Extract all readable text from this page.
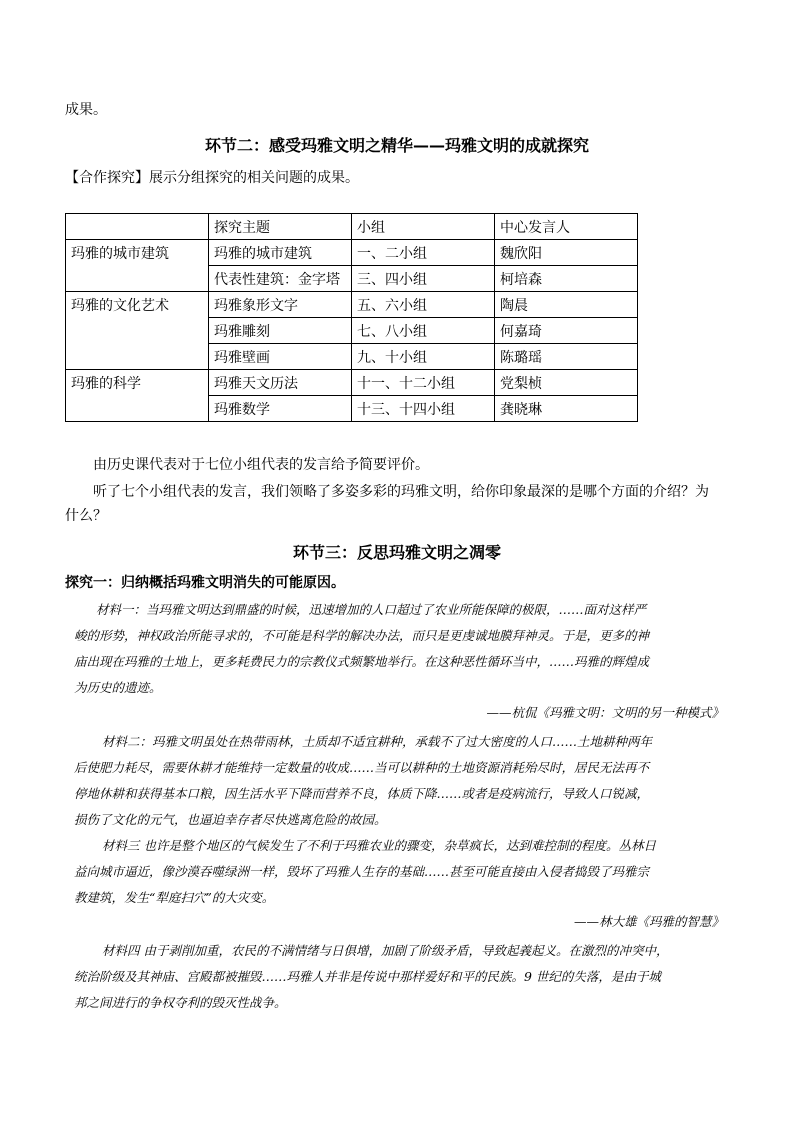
成果。
环节二：感受玛雅文明之精华——玛雅文明的成就探究
【合作探究】展示分组探究的相关问题的成果。
	探究主题	小组	中心发言人
玛雅的城市建筑	玛雅的城市建筑	一、二小组	魏欣阳
	代表性建筑：金字塔	三、四小组	柯培森
玛雅的文化艺术	玛雅象形文字	五、六小组	陶晨
	玛雅雕刻	七、八小组	何嘉琦
	玛雅壁画	九、十小组	陈璐瑶
玛雅的科学	玛雅天文历法	十一、十二小组	党梨桢
	玛雅数学	十三、十四小组	龚晓琳
由历史课代表对于七位小组代表的发言给予简要评价。
听了七个小组代表的发言，我们领略了多姿多彩的玛雅文明，给你印象最深的是哪个方面的介绍？为
什么？
环节三：反思玛雅文明之凋零
探究一：归纳概括玛雅文明消失的可能原因。
材料一：当玛雅文明达到鼎盛的时候，迅速增加的人口超过了农业所能保障的极限，……面对这样严
峻的形势，神权政治所能寻求的，不可能是科学的解决办法，而只是更虔诚地膜拜神灵。于是，更多的神
庙出现在玛雅的土地上，更多耗费民力的宗教仪式频繁地举行。在这种恶性循环当中，……玛雅的辉煌成
为历史的遗迹。
——杭侃《玛雅文明：文明的另一种模式》
材料二：玛雅文明虽处在热带雨林，土质却不适宜耕种，承载不了过大密度的人口……土地耕种两年
后使肥力耗尽，需要休耕才能维持一定数量的收成……当可以耕种的土地资源消耗殆尽时，居民无法再不
停地休耕和获得基本口粮，因生活水平下降而营养不良，体质下降……或者是疫病流行，导致人口锐减，
损伤了文化的元气，也逼迫幸存者尽快逃离危险的故园。
材料三 也许是整个地区的气候发生了不利于玛雅农业的骤变，杂草疯长，达到难控制的程度。丛林日
益向城市逼近，像沙漠吞噬绿洲一样，毁坏了玛雅人生存的基础……甚至可能直接由入侵者捣毁了玛雅宗
教建筑，发生“犁庭扫穴”的大灾变。
——林大雄《玛雅的智慧》
材料四 由于剥削加重，农民的不满情绪与日俱增，加剧了阶级矛盾，导致起義起义。在激烈的冲突中，
统治阶级及其神庙、宫殿都被摧毁……玛雅人并非是传说中那样爱好和平的民族。9 世纪的失落，是由于城
邦之间进行的争权夺利的毁灭性战争。
